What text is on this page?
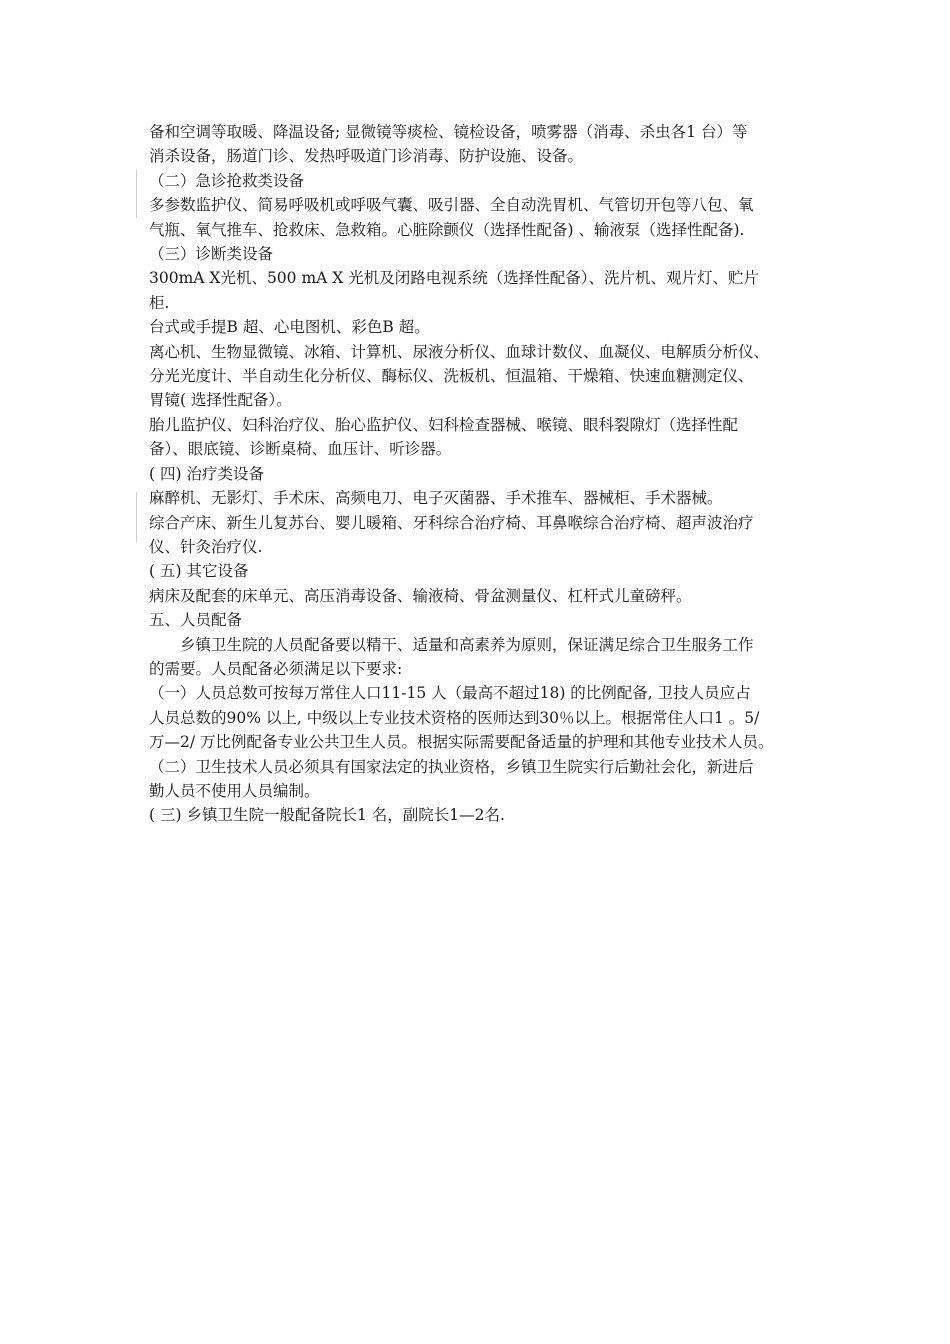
备和空调等取暖、降温设备; 显微镜等痰检、镜检设备，喷雾器（消毒、杀虫各1 台）等
消杀设备，肠道门诊、发热呼吸道门诊消毒、防护设施、设备。
（二）急诊抢救类设备
多参数监护仪、简易呼吸机或呼吸气囊、吸引器、全自动洗胃机、气管切开包等八包、氧
气瓶、氧气推车、抢救床、急救箱。心脏除颤仪（选择性配备) 、输液泵（选择性配备).
（三）诊断类设备
300mA X光机、500 mA X 光机及闭路电视系统（选择性配备）、洗片机、观片灯、贮片
柜.
台式或手提B 超、心电图机、彩色B 超。
离心机、生物显微镜、冰箱、计算机、尿液分析仪、血球计数仪、血凝仪、电解质分析仪、
分光光度计、半自动生化分析仪、酶标仪、洗板机、恒温箱、干燥箱、快速血糖测定仪、
胃镜( 选择性配备）。
胎儿监护仪、妇科治疗仪、胎心监护仪、妇科检查器械、喉镜、眼科裂隙灯（选择性配
备）、眼底镜、诊断桌椅、血压计、听诊器。
( 四) 治疗类设备
麻醉机、无影灯、手术床、高频电刀、电子灭菌器、手术推车、器械柜、手术器械。
综合产床、新生儿复苏台、婴儿暖箱、牙科综合治疗椅、耳鼻喉综合治疗椅、超声波治疗
仪、针灸治疗仪.
( 五) 其它设备
病床及配套的床单元、高压消毒设备、输液椅、骨盆测量仪、杠杆式儿童磅秤。
五、人员配备
乡镇卫生院的人员配备要以精干、适量和高素养为原则，保证满足综合卫生服务工作
的需要。人员配备必须满足以下要求:
（一）人员总数可按每万常住人口11-15 人（最高不超过18) 的比例配备, 卫技人员应占
人员总数的90% 以上, 中级以上专业技术资格的医师达到30％以上。根据常住人口1 。5/
万—2/ 万比例配备专业公共卫生人员。根据实际需要配备适量的护理和其他专业技术人员。
（二）卫生技术人员必须具有国家法定的执业资格，乡镇卫生院实行后勤社会化，新进后
勤人员不使用人员编制。
( 三) 乡镇卫生院一般配备院长1 名，副院长1—2名.
